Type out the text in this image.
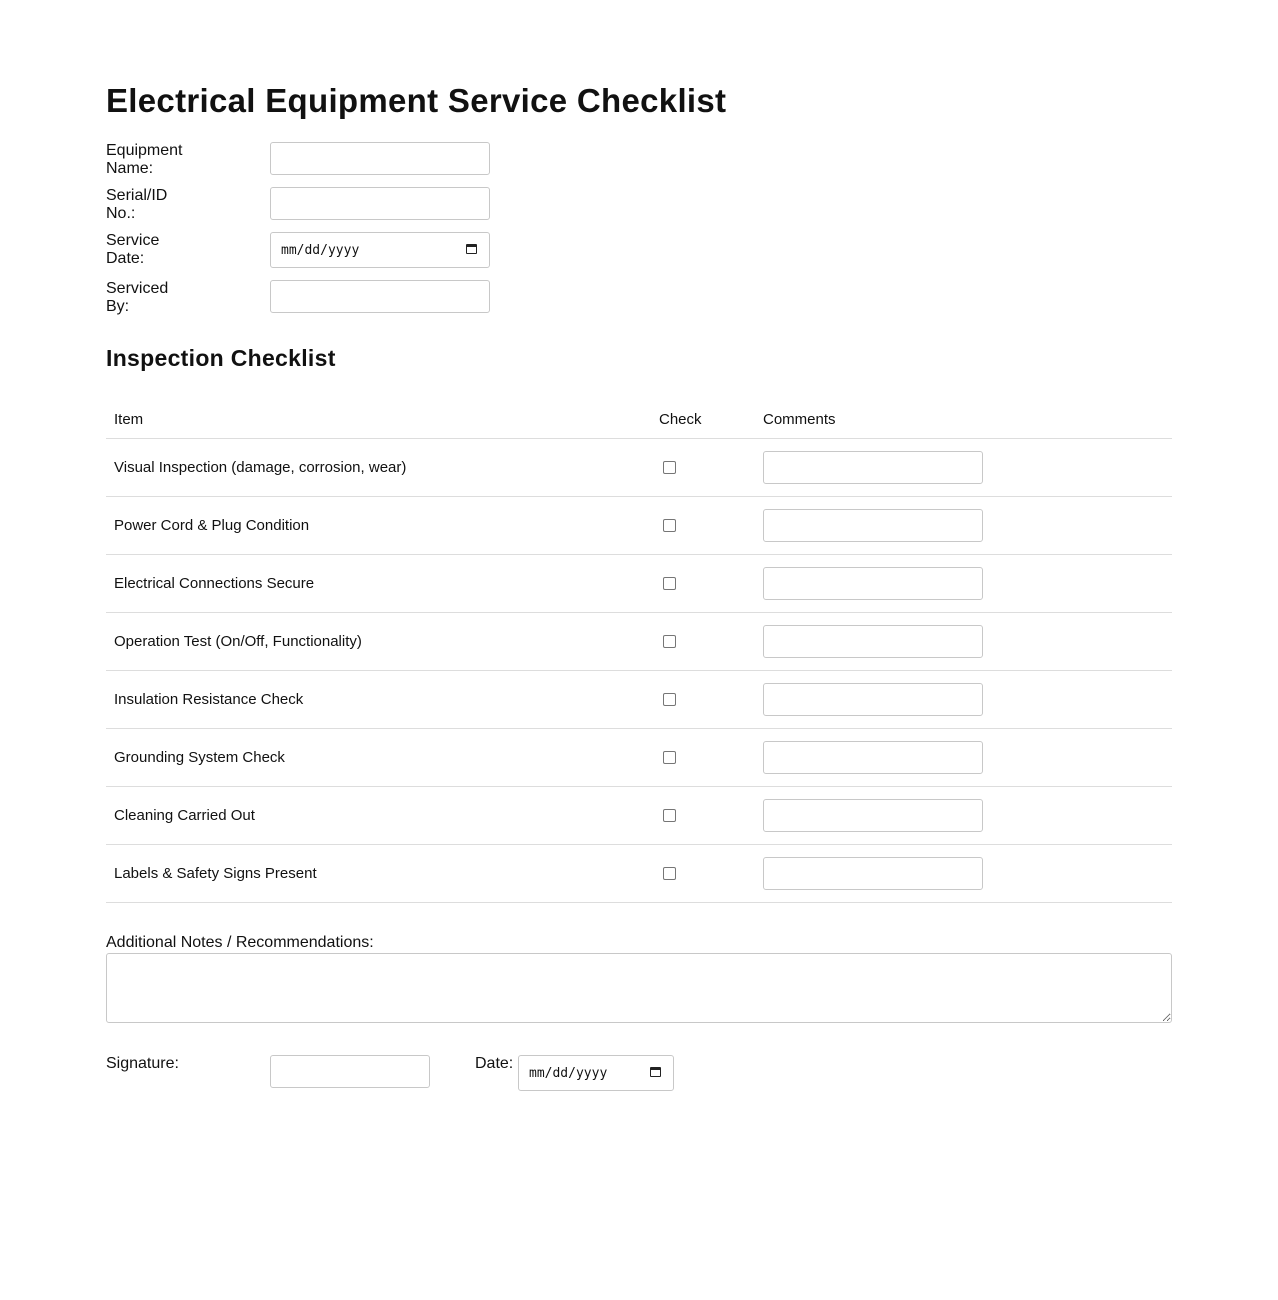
Electrical Equipment Service Checklist
Equipment Name:
Serial/ID No.:
Service Date:	mm/dd/yyyy
Serviced By:
Inspection Checklist
Item	Check	Comments
Visual Inspection (damage, corrosion, wear)	

Power Cord & Plug Condition	

Electrical Connections Secure	

Operation Test (On/Off, Functionality)	

Insulation Resistance Check	

Grounding System Check	

Cleaning Carried Out	

Labels & Safety Signs Present	

Additional Notes / Recommendations:
Signature:	Date:
mm/dd/yyyy
